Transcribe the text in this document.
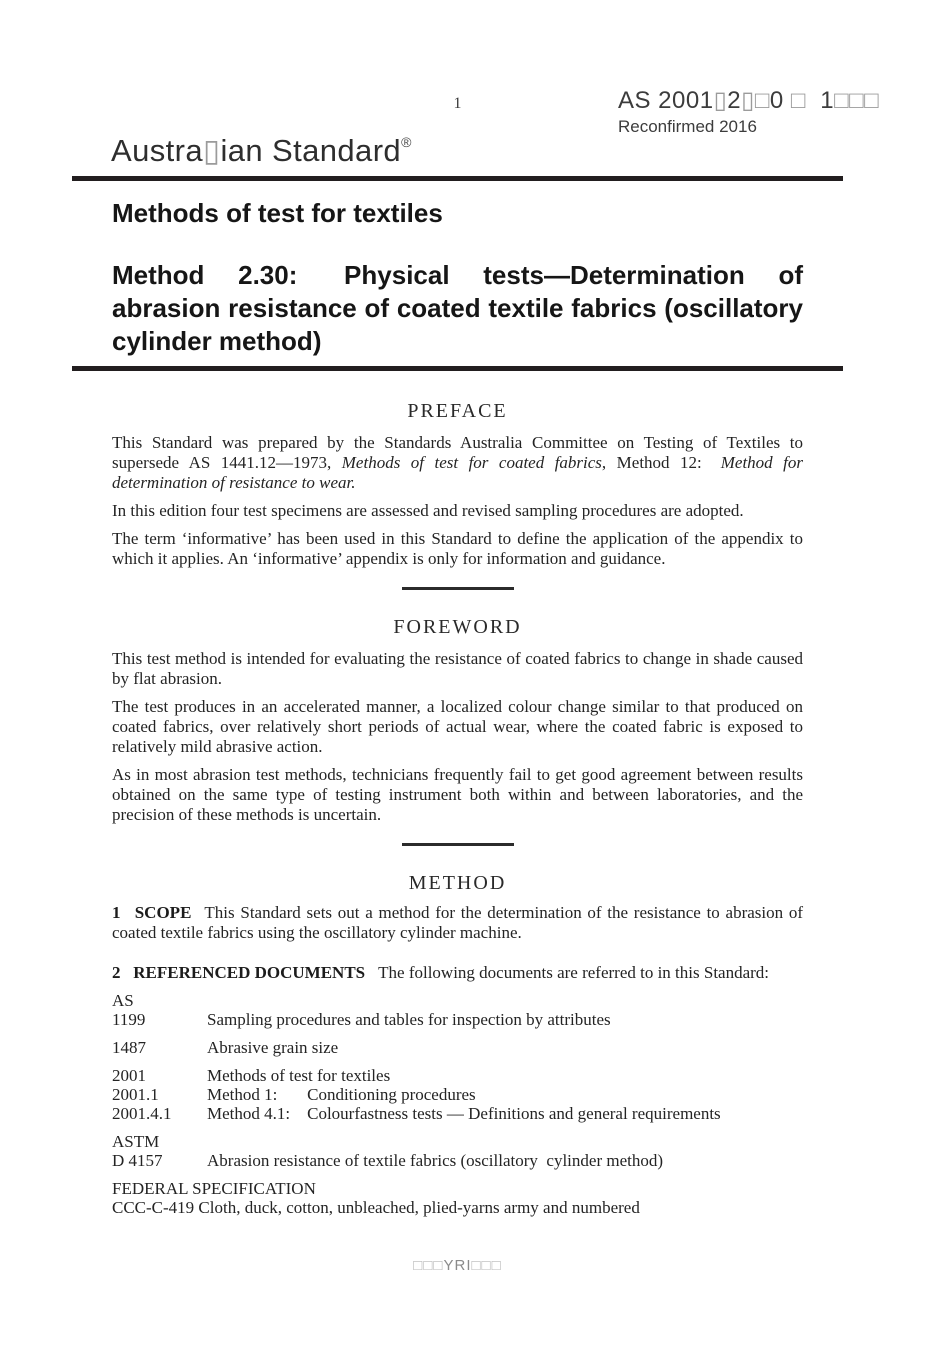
1	AS 2001▯2▯□0 □  1□□□
Reconfirmed 2016
Austra▯ian Standard®
Methods of test for textiles
Method 2.30:  Physical tests—Determination of abrasion resistance of coated textile fabrics (oscillatory cylinder method)
PREFACE

This Standard was prepared by the Standards Australia Committee on Testing of Textiles to supersede AS 1441.12—1973, Methods of test for coated fabrics, Method 12:  Method for determination of resistance to wear.

In this edition four test specimens are assessed and revised sampling procedures are adopted.

The term ‘informative’ has been used in this Standard to define the application of the appendix to which it applies. An ‘informative’ appendix is only for information and guidance.

FOREWORD

This test method is intended for evaluating the resistance of coated fabrics to change in shade caused by flat abrasion.

The test produces in an accelerated manner, a localized colour change similar to that produced on coated fabrics, over relatively short periods of actual wear, where the coated fabric is exposed to relatively mild abrasive action.

As in most abrasion test methods, technicians frequently fail to get good agreement between results obtained on the same type of testing instrument both within and between laboratories, and the precision of these methods is uncertain.

METHOD

1  SCOPE This Standard sets out a method for the determination of the resistance to abrasion of coated textile fabrics using the oscillatory cylinder machine.

2  REFERENCED DOCUMENTS The following documents are referred to in this Standard:

AS
1199	Sampling procedures and tables for inspection by attributes
1487	Abrasive grain size
2001	Methods of test for textiles
2001.1	Method 1:       Conditioning procedures
2001.4.1	Method 4.1:    Colourfastness tests — Definitions and general requirements
ASTM
D 4157	Abrasion resistance of textile fabrics (oscillatory  cylinder method)
FEDERAL SPECIFICATION
CCC-C-419 Cloth, duck, cotton, unbleached, plied-yarns army and numbered
□□□YRI□□□
